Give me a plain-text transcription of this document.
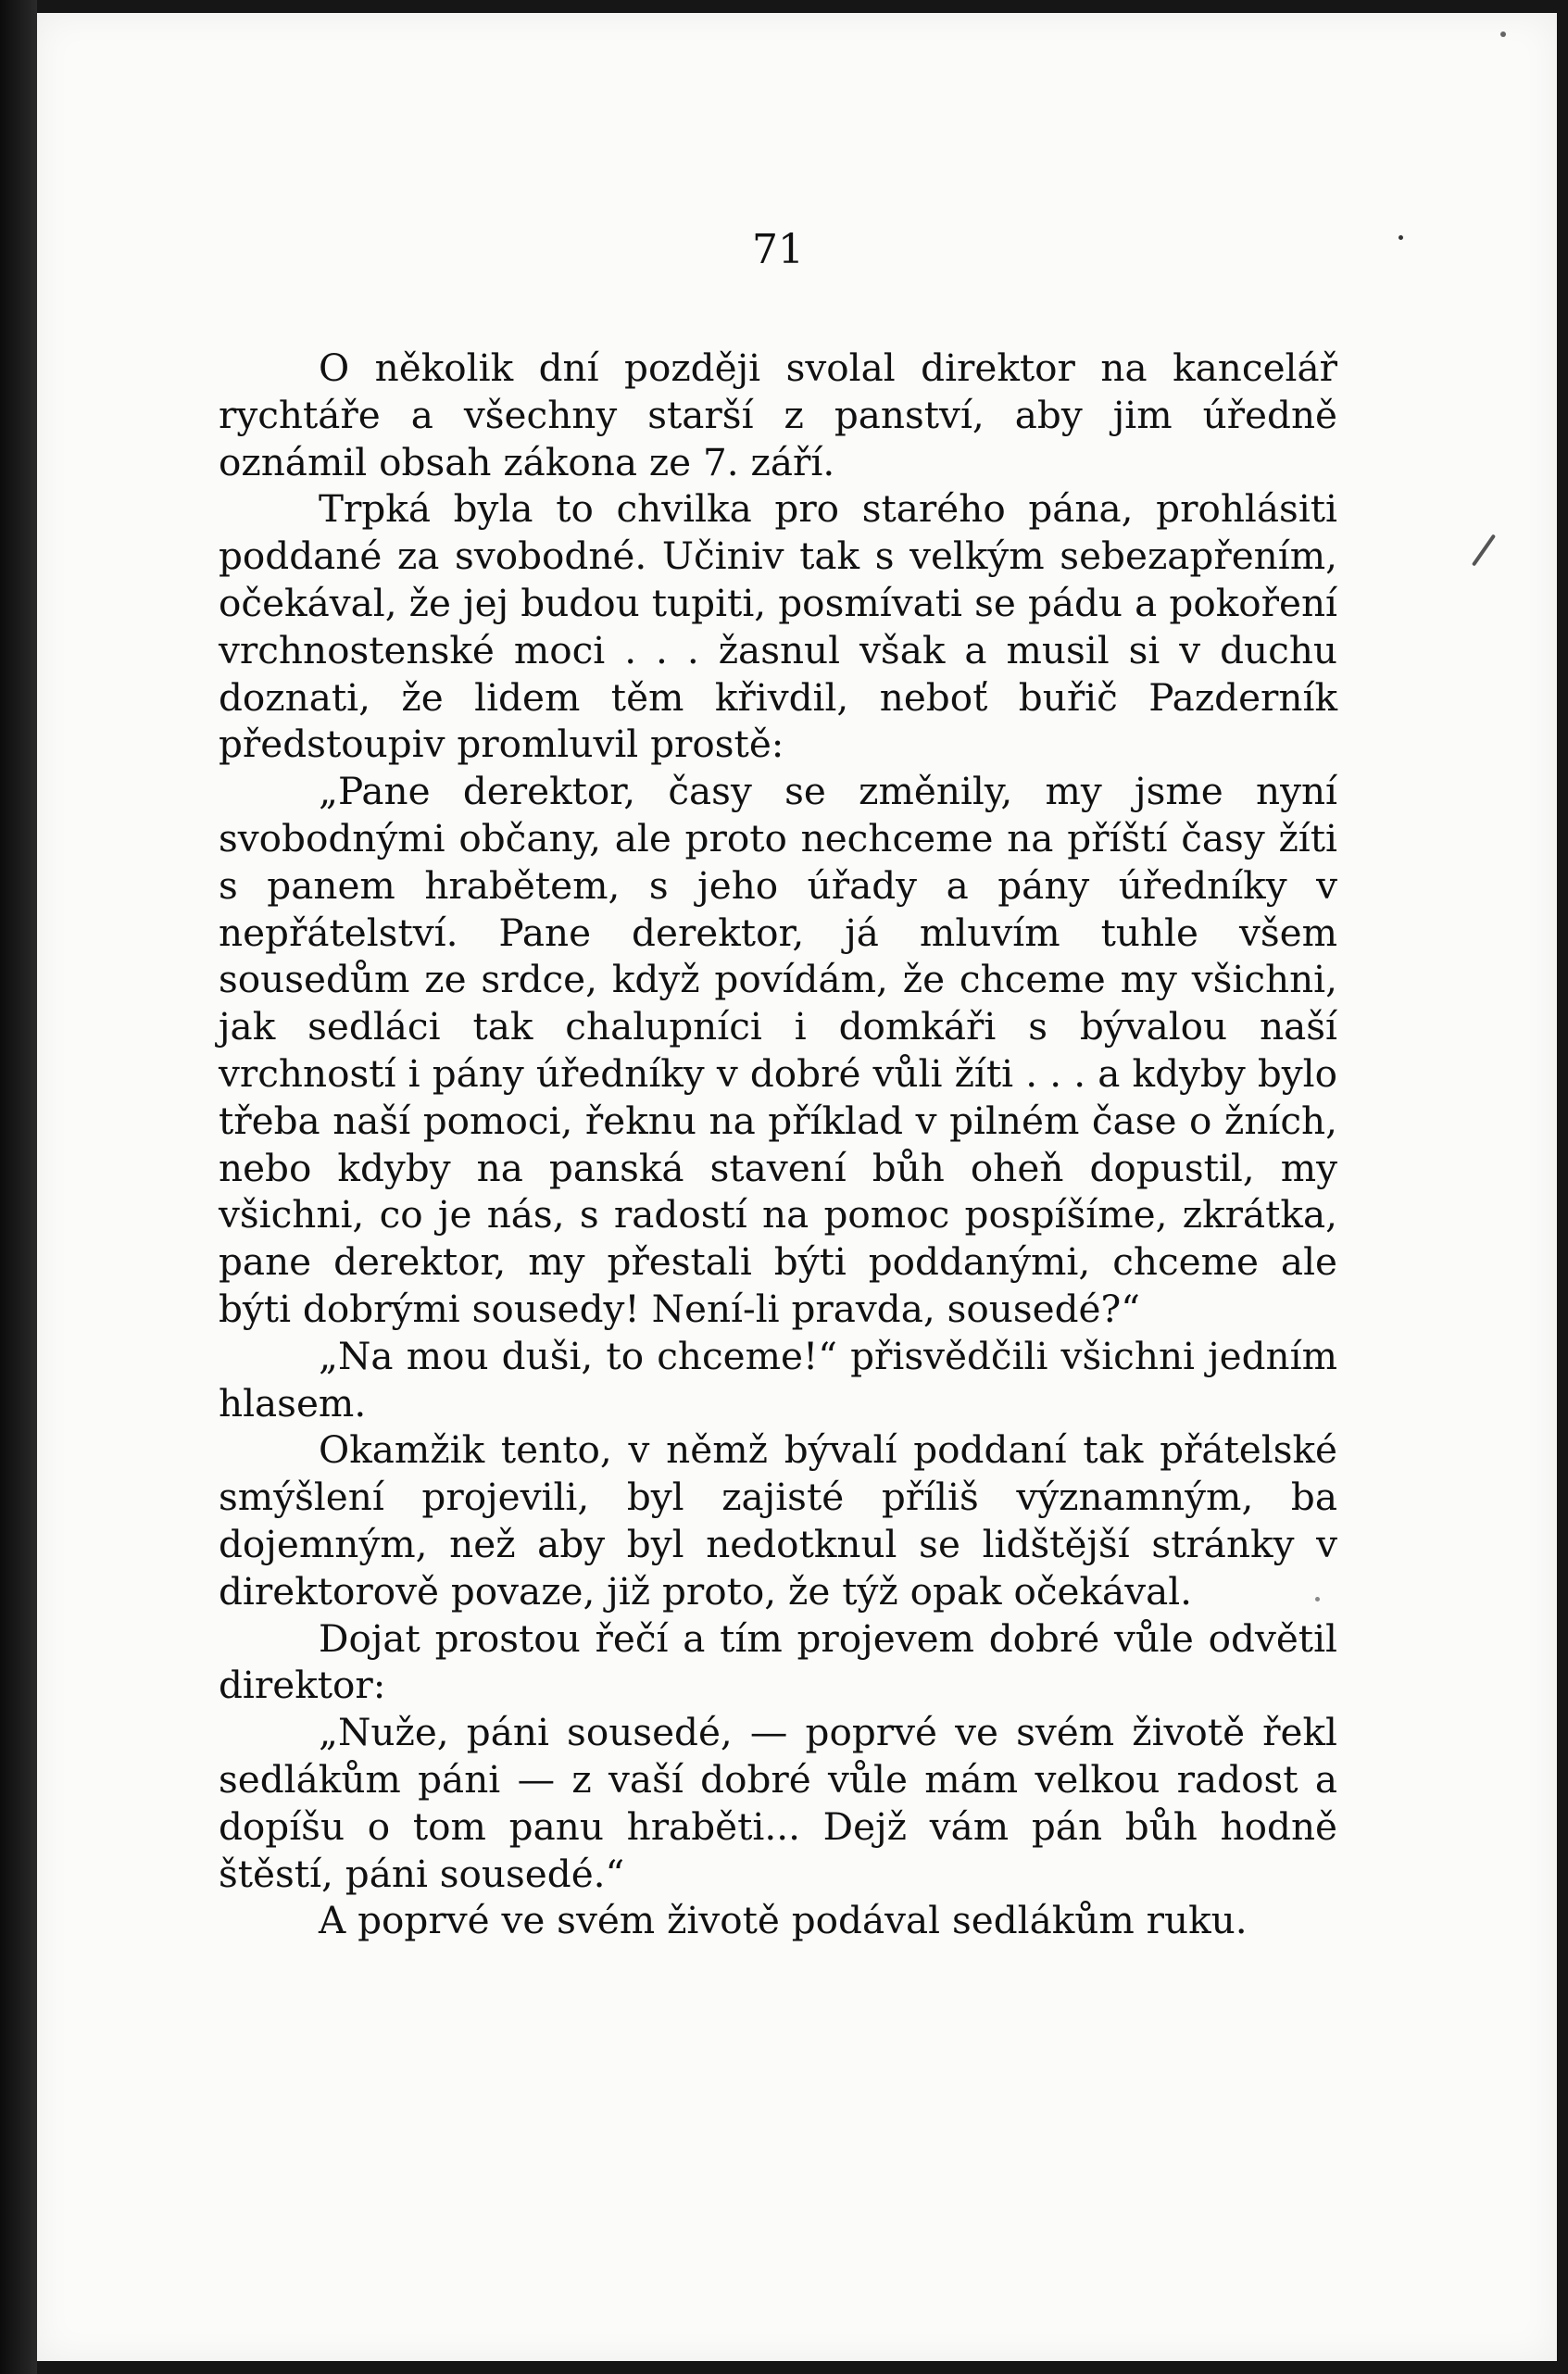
71

O několik dní později svolal direktor na kancelář rychtáře a všechny starší z panství, aby jim úředně oznámil obsah zákona ze 7. září.

Trpká byla to chvilka pro starého pána, prohlásiti poddané za svobodné. Učiniv tak s velkým sebezapřením, očekával, že jej budou tupiti, posmívati se pádu a pokoření vrchnostenské moci . . . žasnul však a musil si v duchu doznati, že lidem těm křivdil, neboť buřič Pazderník předstoupiv promluvil prostě:

„Pane derektor, časy se změnily, my jsme nyní svobodnými občany, ale proto nechceme na příští časy žíti s panem hrabětem, s jeho úřady a pány úředníky v nepřátelství. Pane derektor, já mluvím tuhle všem sousedům ze srdce, když povídám, že chceme my všichni, jak sedláci tak chalupníci i domkáři s bývalou naší vrchností i pány úředníky v dobré vůli žíti . . . a kdyby bylo třeba naší pomoci, řeknu na příklad v pilném čase o žních, nebo kdyby na panská stavení bůh oheň dopustil, my všichni, co je nás, s radostí na pomoc pospíšíme, zkrátka, pane derektor, my přestali býti poddanými, chceme ale býti dobrými sousedy! Není-li pravda, sousedé?“

„Na mou duši, to chceme!“ přisvědčili všichni jedním hlasem.

Okamžik tento, v němž bývalí poddaní tak přátelské smýšlení projevili, byl zajisté příliš významným, ba dojemným, než aby byl nedotknul se lidštější stránky v direktorově povaze, již proto, že týž opak očekával.

Dojat prostou řečí a tím projevem dobré vůle odvětil direktor:

„Nuže, páni sousedé, — poprvé ve svém životě řekl sedlákům páni — z vaší dobré vůle mám velkou radost a dopíšu o tom panu hraběti... Dejž vám pán bůh hodně štěstí, páni sousedé.“

A poprvé ve svém životě podával sedlákům ruku.
